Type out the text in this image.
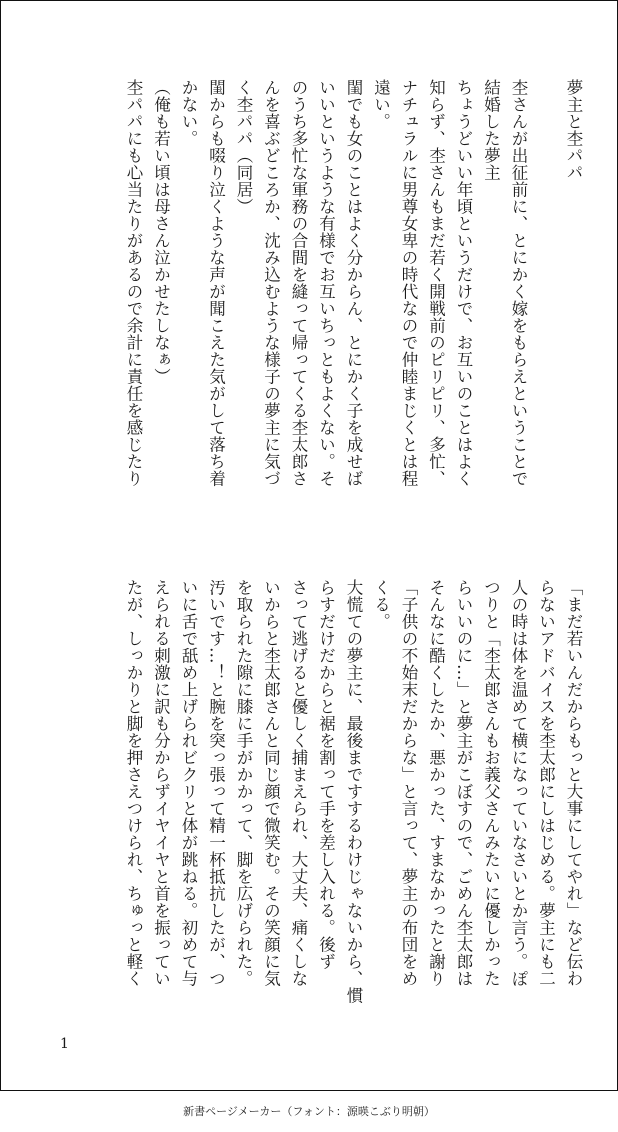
夢主と杢パパ

杢さんが出征前に、とにかく嫁をもらえということで
結婚した夢主
ちょうどいい年頃というだけで、お互いのことはよく
知らず、杢さんもまだ若く開戦前のピリピリ、多忙、
ナチュラルに男尊女卑の時代なので仲睦まじくとは程
遠い。
閨でも女のことはよく分からん、とにかく子を成せば
いいというような有様でお互いちっともよくない。そ
のうち多忙な軍務の合間を縫って帰ってくる杢太郎さ
んを喜ぶどころか、沈み込むような様子の夢主に気づ
く杢パパ（同居）
閨からも啜り泣くような声が聞こえた気がして落ち着
かない。
（俺も若い頃は母さん泣かせたしなぁ）
杢パパにも心当たりがあるので余計に責任を感じたり
「まだ若いんだからもっと大事にしてやれ」など伝わ
らないアドバイスを杢太郎にしはじめる。夢主にも二
人の時は体を温めて横になっていなさいとか言う。ぽ
つりと「杢太郎さんもお義父さんみたいに優しかった
らいいのに…」と夢主がこぼすので、ごめん杢太郎は
そんなに酷くしたか、悪かった、すまなかったと謝り
「子供の不始末だからな」と言って、夢主の布団をめ
くる。
大慌ての夢主に、最後まですするわけじゃないから、慣
らすだけだからと裾を割って手を差し入れる。後ず
さって逃げると優しく捕まえられ、大丈夫、痛くしな
いからと杢太郎さんと同じ顔で微笑む。その笑顔に気
を取られた隙に膝に手がかかって、脚を広げられた。
汚いです…！と腕を突っ張って精一杯抵抗したが、つ
いに舌で舐め上げられビクリと体が跳ねる。初めて与
えられる刺激に訳も分からずイヤイヤと首を振ってい
たが、しっかりと脚を押さえつけられ、ちゅっと軽く
1
新書ページメーカー（フォント：源暎こぶり明朝）
